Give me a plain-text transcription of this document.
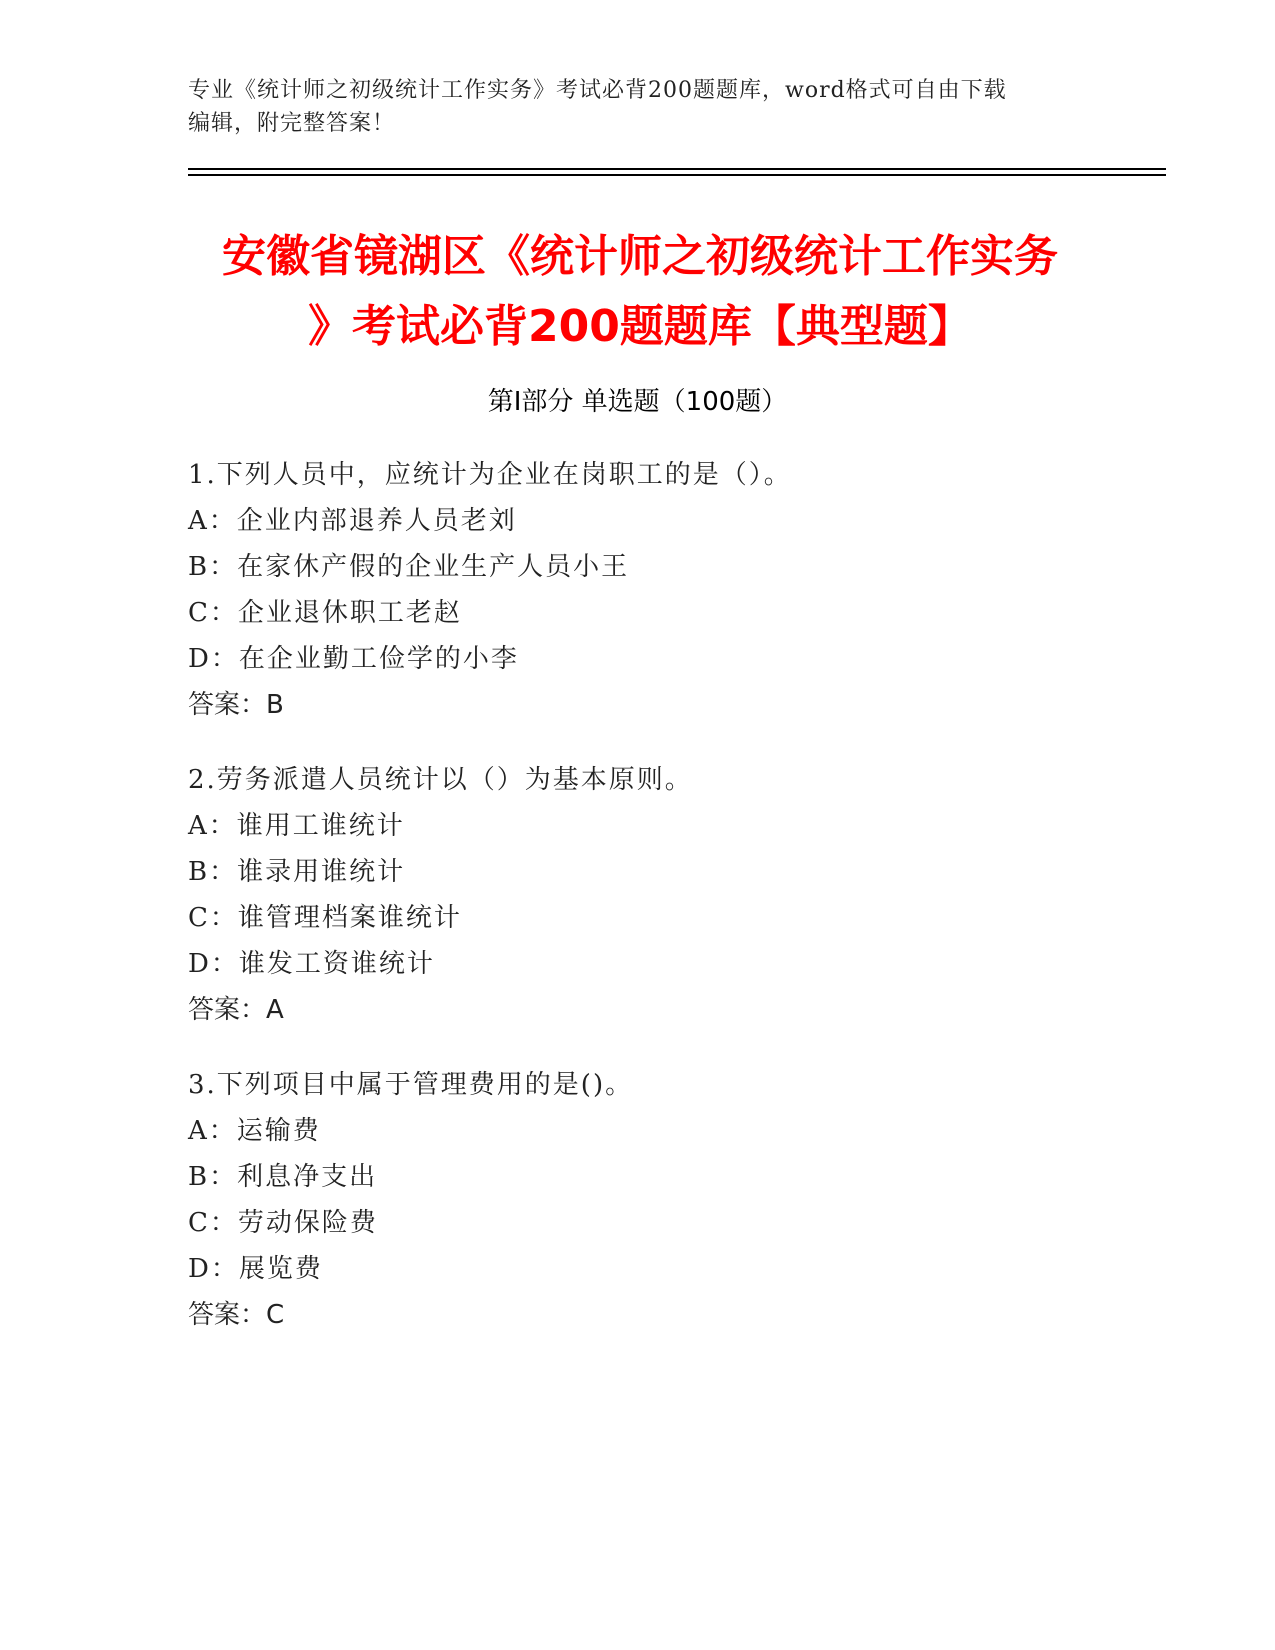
专业《统计师之初级统计工作实务》考试必背200题题库，word格式可自由下载
编辑，附完整答案！
安徽省镜湖区《统计师之初级统计工作实务
》考试必背200题题库【典型题】
第I部分 单选题（100题）
1.下列人员中，应统计为企业在岗职工的是（）。
A：企业内部退养人员老刘
B：在家休产假的企业生产人员小王
C：企业退休职工老赵
D：在企业勤工俭学的小李
答案：B
2.劳务派遣人员统计以（）为基本原则。
A：谁用工谁统计
B：谁录用谁统计
C：谁管理档案谁统计
D：谁发工资谁统计
答案：A
3.下列项目中属于管理费用的是()。
A：运输费
B：利息净支出
C：劳动保险费
D：展览费
答案：C
